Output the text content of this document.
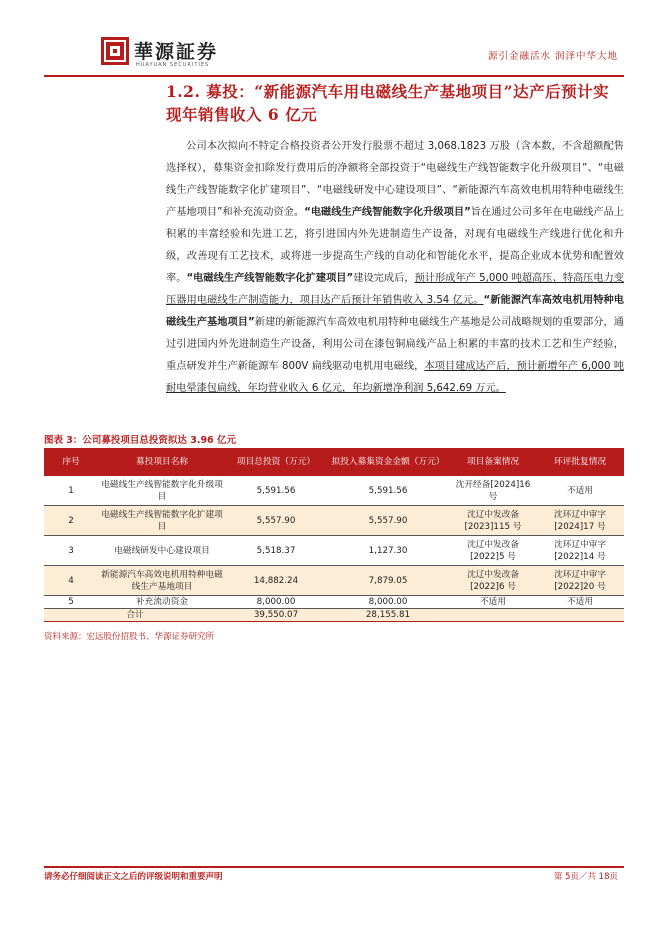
華源証券
HUAYUAN SECURITIES
源引金融活水 润泽中华大地
1.2. 募投：“新能源汽车用电磁线生产基地项目”达产后预计实现年销售收入 6 亿元
公司本次拟向不特定合格投资者公开发行股票不超过 3,068.1823 万股（含本数，不含超额配售选择权），募集资金扣除发行费用后的净额将全部投资于“电磁线生产线智能数字化升级项目”、“电磁线生产线智能数字化扩建项目”、“电磁线研发中心建设项目”、“新能源汽车高效电机用特种电磁线生产基地项目”和补充流动资金。“电磁线生产线智能数字化升级项目”旨在通过公司多年在电磁线产品上积累的丰富经验和先进工艺，将引进国内外先进制造生产设备，对现有电磁线生产线进行优化和升级，改善现有工艺技术，或将进一步提高生产线的自动化和智能化水平，提高企业成本优势和配置效率。“电磁线生产线智能数字化扩建项目”建设完成后，预计形成年产 5,000 吨超高压、特高压电力变压器用电磁线生产制造能力，项目达产后预计年销售收入 3.54 亿元。“新能源汽车高效电机用特种电磁线生产基地项目”新建的新能源汽车高效电机用特种电磁线生产基地是公司战略规划的重要部分，通过引进国内外先进制造生产设备，利用公司在漆包铜扁线产品上积累的丰富的技术工艺和生产经验，重点研发并生产新能源车 800V 扁线驱动电机用电磁线，本项目建成达产后，预计新增年产 6,000 吨耐电晕漆包扁线，年均营业收入 6 亿元，年均新增净利润 5,642.69 万元。
图表 3：公司募投项目总投资拟达 3.96 亿元
序号	募投项目名称	项目总投资（万元）	拟投入募集资金金额（万元）	项目备案情况	环评批复情况
1	电磁线生产线智能数字化升级项目	5,591.56	5,591.56	沈开经备[2024]16 号	不适用
2	电磁线生产线智能数字化扩建项目	5,557.90	5,557.90	沈辽中发改备[2023]115 号	沈环辽中审字[2024]17 号
3	电磁线研发中心建设项目	5,518.37	1,127.30	沈辽中发改备[2022]5 号	沈环辽中审字[2022]14 号
4	新能源汽车高效电机用特种电磁线生产基地项目	14,882.24	7,879.05	沈辽中发改备[2022]6 号	沈环辽中审字[2022]20 号
5	补充流动资金	8,000.00	8,000.00	不适用	不适用
合计		39,550.07	28,155.81		
资料来源：宏远股份招股书、华源证券研究所
请务必仔细阅读正文之后的评级说明和重要声明	第 5页／共 18页
